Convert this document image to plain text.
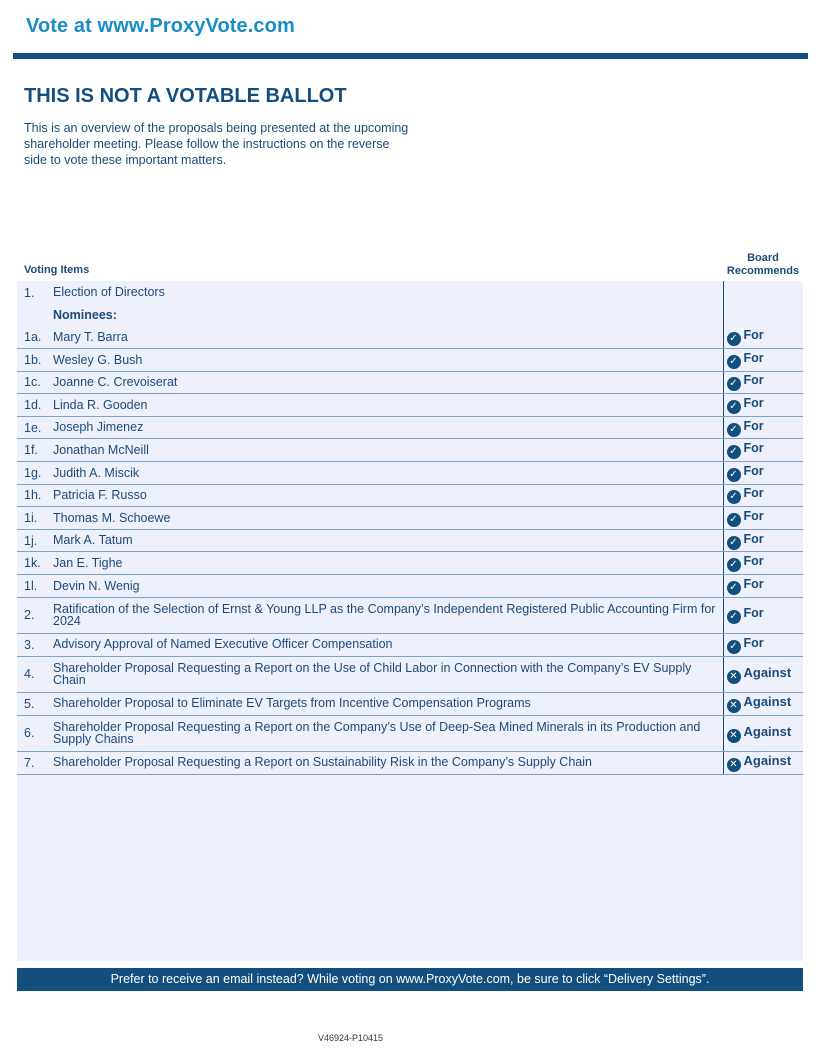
Vote at www.ProxyVote.com
THIS IS NOT A VOTABLE BALLOT
This is an overview of the proposals being presented at the upcoming shareholder meeting. Please follow the instructions on the reverse side to vote these important matters.
Voting Items
Board Recommends
1.	Election of Directors	
	Nominees:	
1a.	Mary T. Barra	✓ For
1b.	Wesley G. Bush	✓ For
1c.	Joanne C. Crevoiserat	✓ For
1d.	Linda R. Gooden	✓ For
1e.	Joseph Jimenez	✓ For
1f.	Jonathan McNeill	✓ For
1g.	Judith A. Miscik	✓ For
1h.	Patricia F. Russo	✓ For
1i.	Thomas M. Schoewe	✓ For
1j.	Mark A. Tatum	✓ For
1k.	Jan E. Tighe	✓ For
1l.	Devin N. Wenig	✓ For
2.	Ratification of the Selection of Ernst & Young LLP as the Company’s Independent Registered Public Accounting Firm for 2024	✓ For
3.	Advisory Approval of Named Executive Officer Compensation	✓ For
4.	Shareholder Proposal Requesting a Report on the Use of Child Labor in Connection with the Company’s EV Supply Chain	✕ Against
5.	Shareholder Proposal to Eliminate EV Targets from Incentive Compensation Programs	✕ Against
6.	Shareholder Proposal Requesting a Report on the Company’s Use of Deep-Sea Mined Minerals in its Production and Supply Chains	✕ Against
7.	Shareholder Proposal Requesting a Report on Sustainability Risk in the Company’s Supply Chain	✕ Against
Prefer to receive an email instead? While voting on www.ProxyVote.com, be sure to click “Delivery Settings”.
V46924-P10415
